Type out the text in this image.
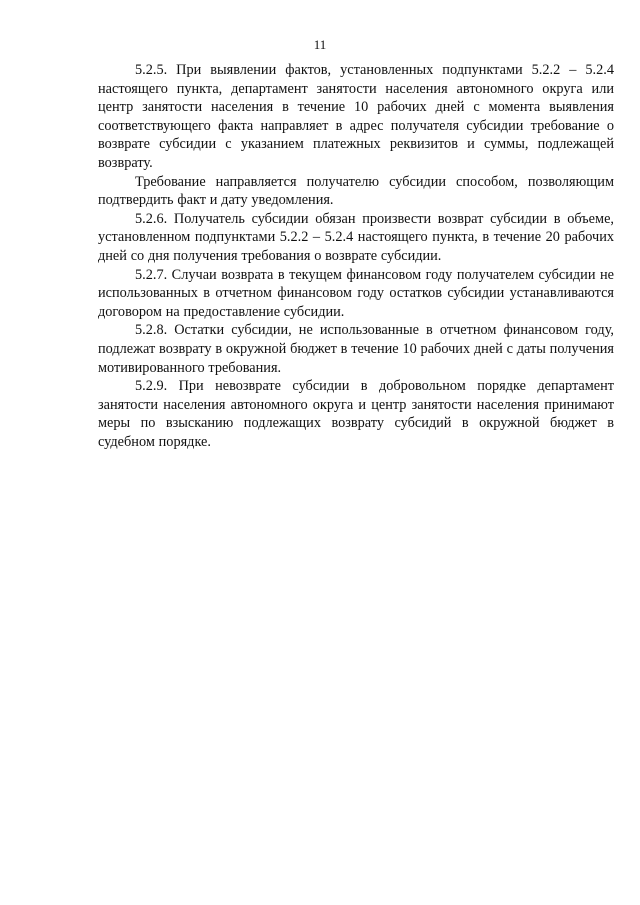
11

5.2.5. При выявлении фактов, установленных подпунктами 5.2.2 – 5.2.4 настоящего пункта, департамент занятости населения автономного округа или центр занятости населения в течение 10 рабочих дней с момента выявления соответствующего факта направляет в адрес получателя субсидии требование о возврате субсидии с указанием платежных реквизитов и суммы, подлежащей возврату.

Требование направляется получателю субсидии способом, позволяющим подтвердить факт и дату уведомления.

5.2.6. Получатель субсидии обязан произвести возврат субсидии в объеме, установленном подпунктами 5.2.2 – 5.2.4 настоящего пункта, в течение 20 рабочих дней со дня получения требования о возврате субсидии.

5.2.7. Случаи возврата в текущем финансовом году получателем субсидии не использованных в отчетном финансовом году остатков субсидии устанавливаются договором на предоставление субсидии.

5.2.8. Остатки субсидии, не использованные в отчетном финансовом году, подлежат возврату в окружной бюджет в течение 10 рабочих дней с даты получения мотивированного требования.

5.2.9. При невозврате субсидии в добровольном порядке департамент занятости населения автономного округа и центр занятости населения принимают меры по взысканию подлежащих возврату субсидий в окружной бюджет в судебном порядке.
